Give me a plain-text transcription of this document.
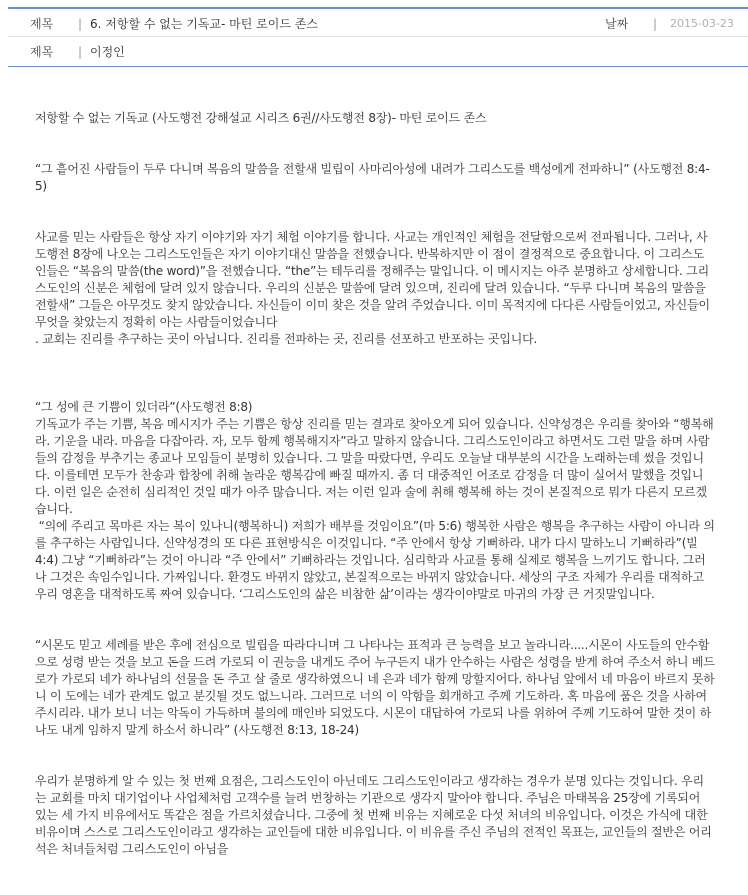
제목 | 6. 저항할 수 없는 기독교- 마틴 로이드 존스	날짜 | 2015-03-23
제목 | 이정인

저항할 수 없는 기독교 (사도행전 강해설교 시리즈 6권//사도행전 8장)- 마틴 로이드 존스

“그 흩어진 사람들이 두루 다니며 복음의 말씀을 전할새 빌립이 사마리아성에 내려가 그리스도를 백성에게 전파하니” (사도행전 8:4-5)

사교를 믿는 사람들은 항상 자기 이야기와 자기 체험 이야기를 합니다. 사교는 개인적인 체험을 전달함으로써 전파됩니다. 그러나, 사도행전 8장에 나오는 그리스도인들은 자기 이야기대신 말씀을 전했습니다. 반복하지만 이 점이 결정적으로 중요합니다. 이 그리스도인들은 “복음의 말씀(the word)”을 전했습니다. “the”는 테두리를 정해주는 말입니다. 이 메시지는 아주 분명하고 상세합니다. 그리스도인의 신분은 체험에 달려 있지 않습니다. 우리의 신분은 말씀에 달려 있으며, 진리에 달려 있습니다. “두루 다니며 복음의 말씀을 전할새” 그들은 아무것도 찾지 않았습니다. 자신들이 이미 찾은 것을 알려 주었습니다. 이미 목적지에 다다른 사람들이었고, 자신들이 무엇을 찾았는지 정확히 아는 사람들이었습니다

. 교회는 진리를 추구하는 곳이 아닙니다. 진리를 전파하는 곳, 진리를 선포하고 반포하는 곳입니다.

“그 성에 큰 기쁨이 있더라”(사도행전 8:8)

기독교가 주는 기쁨, 복음 메시지가 주는 기쁨은 항상 진리를 믿는 결과로 찾아오게 되어 있습니다. 신약성경은 우리를 찾아와 “행복해라. 기운을 내라. 마음을 다잡아라. 자, 모두 함께 행복해지자”라고 말하지 않습니다. 그리스도인이라고 하면서도 그런 말을 하며 사람들의 감정을 부추기는 종교나 모임들이 분명히 있습니다. 그 말을 따랐다면, 우리도 오늘날 대부분의 시간을 노래하는데 썼을 것입니다. 이를테면 모두가 찬송과 합창에 취해 놀라운 행복감에 빠질 때까지. 좀 더 대중적인 어조로 감정을 더 많이 실어서 말했을 것입니다. 이런 일은 순전히 심리적인 것일 때가 아주 많습니다. 저는 이런 일과 술에 취해 행복해 하는 것이 본질적으로 뭐가 다른지 모르겠습니다.

“의에 주리고 목마른 자는 복이 있나니(행복하니) 저희가 배부를 것임이요”(마 5:6) 행복한 사람은 행복을 추구하는 사람이 아니라 의를 추구하는 사람입니다. 신약성경의 또 다른 표현방식은 이것입니다. “주 안에서 항상 기뻐하라. 내가 다시 말하노니 기뻐하라”(빌 4:4) 그냥 “기뻐하라”는 것이 아니라 “주 안에서” 기뻐하라는 것입니다. 심리학과 사교를 통해 실제로 행복을 느끼기도 합니다. 그러나 그것은 속임수입니다. 가짜입니다. 환경도 바뀌지 않았고, 본질적으로는 바뀌지 않았습니다. 세상의 구조 자체가 우리를 대적하고 우리 영혼을 대적하도록 짜여 있습니다. ‘그리스도인의 삶은 비참한 삶’이라는 생각이야말로 마귀의 가장 큰 거짓말입니다.

“시몬도 믿고 세례를 받은 후에 전심으로 빌립을 따라다니며 그 나타나는 표적과 큰 능력을 보고 놀라니라.....시몬이 사도들의 안수함으로 성령 받는 것을 보고 돈을 드려 가로되 이 권능을 내게도 주어 누구든지 내가 안수하는 사람은 성령을 받게 하여 주소서 하니 베드로가 가로되 네가 하나님의 선물을 돈 주고 살 줄로 생각하였으니 네 은과 네가 함께 망할지어다. 하나님 앞에서 네 마음이 바르지 못하니 이 도에는 네가 관계도 없고 분깃될 것도 없느니라. 그러므로 너의 이 악함을 회개하고 주께 기도하라. 혹 마음에 품은 것을 사하여 주시리라. 내가 보니 너는 악독이 가득하며 불의에 매인바 되었도다. 시몬이 대답하여 가로되 나를 위하여 주께 기도하여 말한 것이 하나도 내게 임하지 말게 하소서 하니라” (사도행전 8:13, 18-24)

우리가 분명하게 알 수 있는 첫 번째 요점은, 그리스도인이 아닌데도 그리스도인이라고 생각하는 경우가 분명 있다는 것입니다. 우리는 교회를 마치 대기업이나 사업체처럼 고객수를 늘려 번창하는 기관으로 생각지 말아야 합니다. 주님은 마태복음 25장에 기록되어 있는 세 가지 비유에서도 똑같은 점을 가르치셨습니다. 그중에 첫 번째 비유는 지혜로운 다섯 처녀의 비유입니다. 이것은 가식에 대한 비유이며 스스로 그리스도인이라고 생각하는 교인들에 대한 비유입니다. 이 비유를 주신 주님의 전적인 목표는, 교인들의 절반은 어리석은 처녀들처럼 그리스도인이 아님을
